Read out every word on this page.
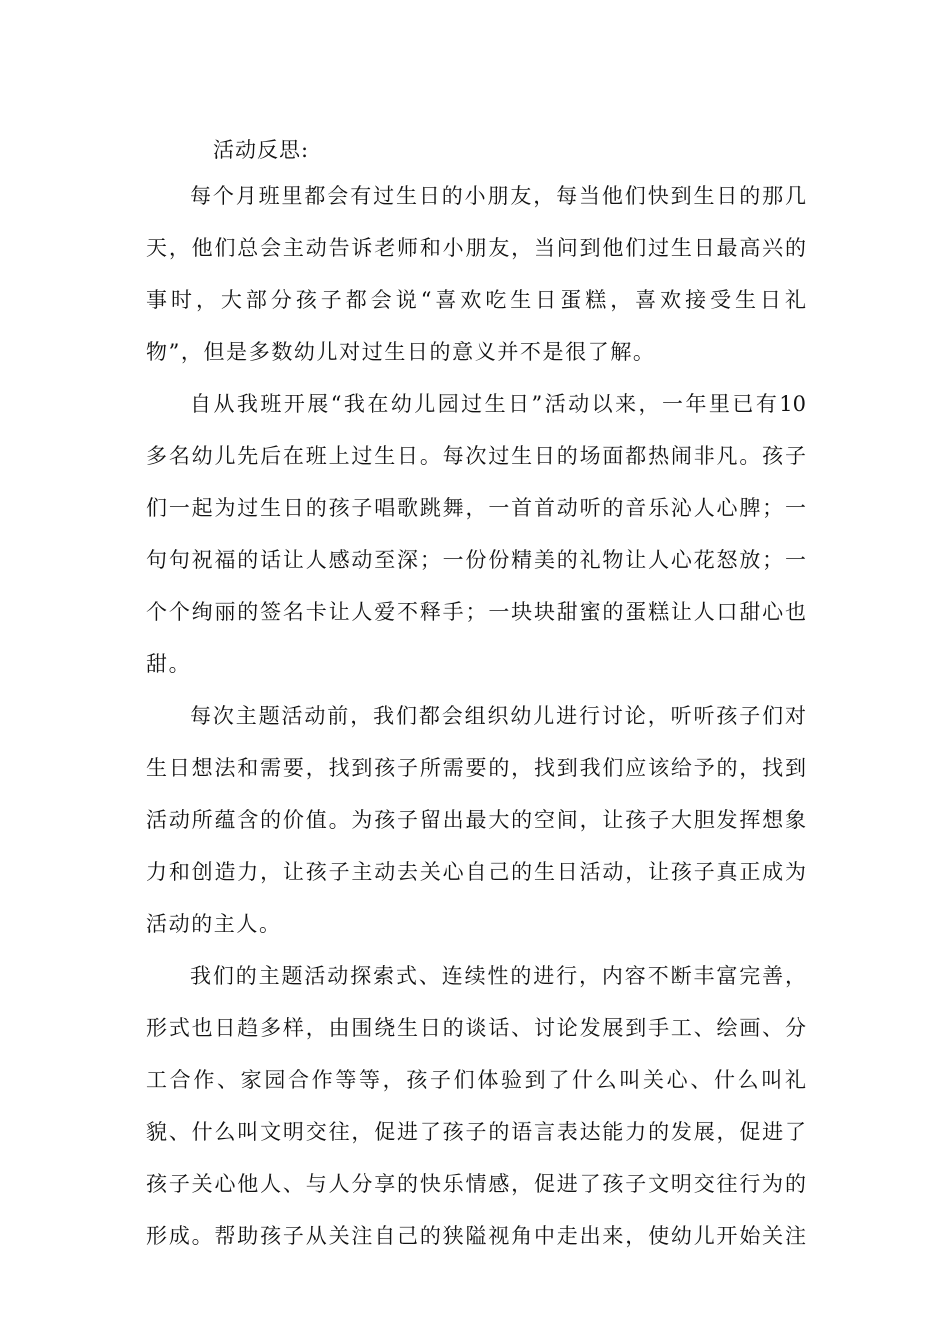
活动反思:
每个月班里都会有过生日的小朋友，每当他们快到生日的那几
天，他们总会主动告诉老师和小朋友，当问到他们过生日最高兴的
事时，大部分孩子都会说“喜欢吃生日蛋糕，喜欢接受生日礼
物”，但是多数幼儿对过生日的意义并不是很了解。
自从我班开展“我在幼儿园过生日”活动以来，一年里已有10
多名幼儿先后在班上过生日。每次过生日的场面都热闹非凡。孩子
们一起为过生日的孩子唱歌跳舞，一首首动听的音乐沁人心脾；一
句句祝福的话让人感动至深；一份份精美的礼物让人心花怒放；一
个个绚丽的签名卡让人爱不释手；一块块甜蜜的蛋糕让人口甜心也
甜。
每次主题活动前，我们都会组织幼儿进行讨论，听听孩子们对
生日想法和需要，找到孩子所需要的，找到我们应该给予的，找到
活动所蕴含的价值。为孩子留出最大的空间，让孩子大胆发挥想象
力和创造力，让孩子主动去关心自己的生日活动，让孩子真正成为
活动的主人。
我们的主题活动探索式、连续性的进行，内容不断丰富完善，
形式也日趋多样，由围绕生日的谈话、讨论发展到手工、绘画、分
工合作、家园合作等等，孩子们体验到了什么叫关心、什么叫礼
貌、什么叫文明交往，促进了孩子的语言表达能力的发展，促进了
孩子关心他人、与人分享的快乐情感，促进了孩子文明交往行为的
形成。帮助孩子从关注自己的狭隘视角中走出来，使幼儿开始关注
